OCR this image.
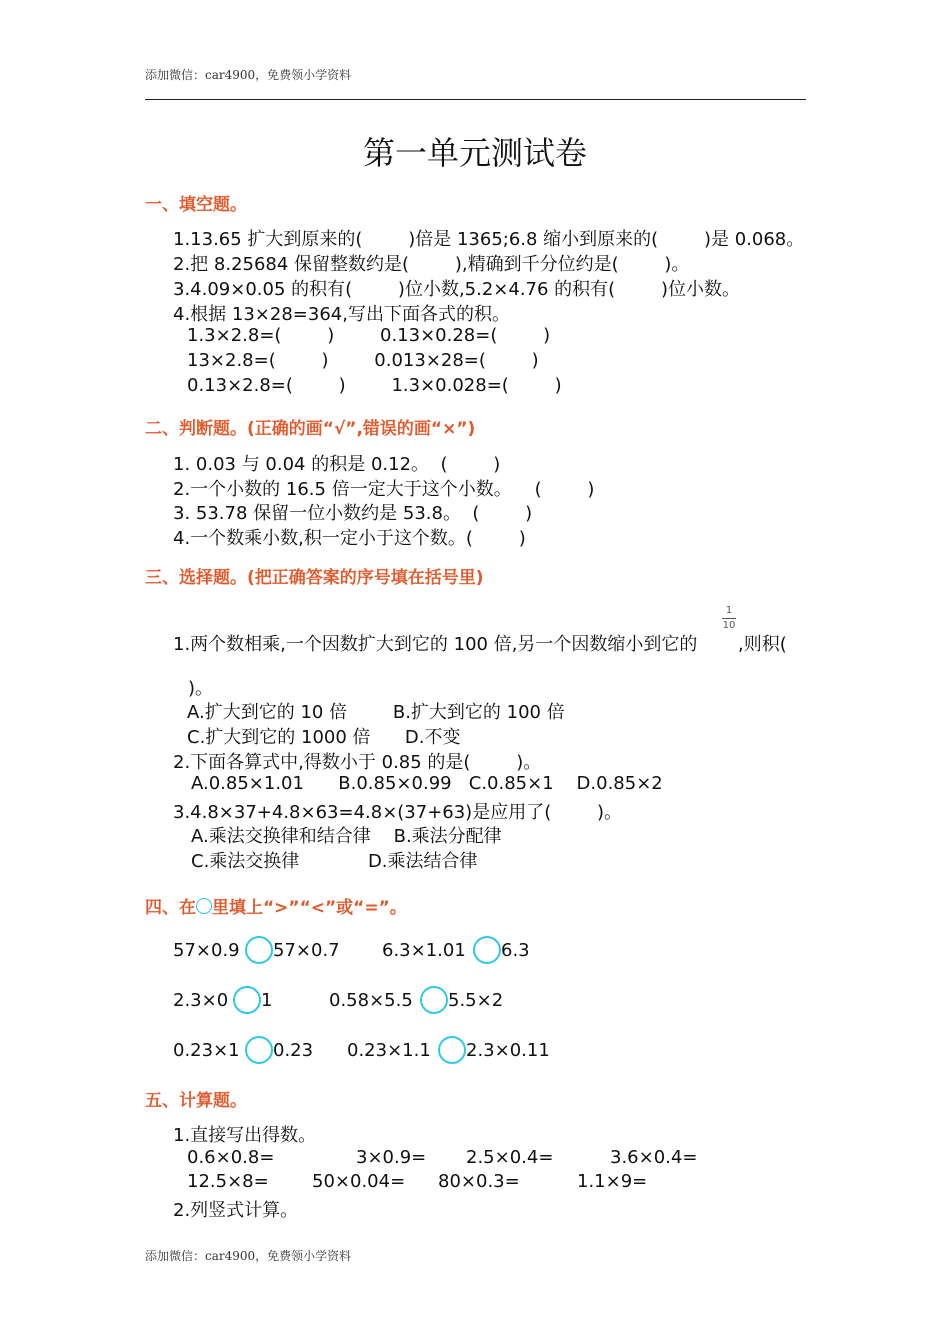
添加微信：car4900，免费领小学资料
第一单元测试卷
一、填空题。
1.13.65 扩大到原来的(        )倍是 1365;6.8 缩小到原来的(        )是 0.068。
2.把 8.25684 保留整数约是(        ),精确到千分位约是(        )。
3.4.09×0.05 的积有(        )位小数,5.2×4.76 的积有(        )位小数。
4.根据 13×28=364,写出下面各式的积。
1.3×2.8=(        )        0.13×0.28=(        )
13×2.8=(        )        0.013×28=(        )
0.13×2.8=(        )        1.3×0.028=(        )
二、判断题。(正确的画“√”,错误的画“×”)
1. 0.03 与 0.04 的积是 0.12。  (        )
2.一个小数的 16.5 倍一定大于这个小数。    (        )
3. 53.78 保留一位小数约是 53.8。  (        )
4.一个数乘小数,积一定小于这个数。(        )
三、选择题。(把正确答案的序号填在括号里)
1.两个数相乘,一个因数扩大到它的 100 倍,另一个因数缩小到它的
1
10
,则积(
)。
A.扩大到它的 10 倍        B.扩大到它的 100 倍
C.扩大到它的 1000 倍      D.不变
2.下面各算式中,得数小于 0.85 的是(        )。
A.0.85×1.01      B.0.85×0.99   C.0.85×1    D.0.85×2
3.4.8×37+4.8×63=4.8×(37+63)是应用了(        )。
A.乘法交换律和结合律    B.乘法分配律
C.乘法交换律            D.乘法结合律
四、在 里填上“>”“<”或“=”。
57×0.9 57×0.7 6.3×1.01 6.3
2.3×0 1	0.58×5.5 5.5×2
0.23×1 0.23 0.23×1.1 2.3×0.11
五、计算题。
1.直接写出得数。
0.6×0.8=	3×0.9= 2.5×0.4=	3.6×0.4=
12.5×8= 50×0.04= 80×0.3=	1.1×9=
2.列竖式计算。
添加微信：car4900，免费领小学资料
